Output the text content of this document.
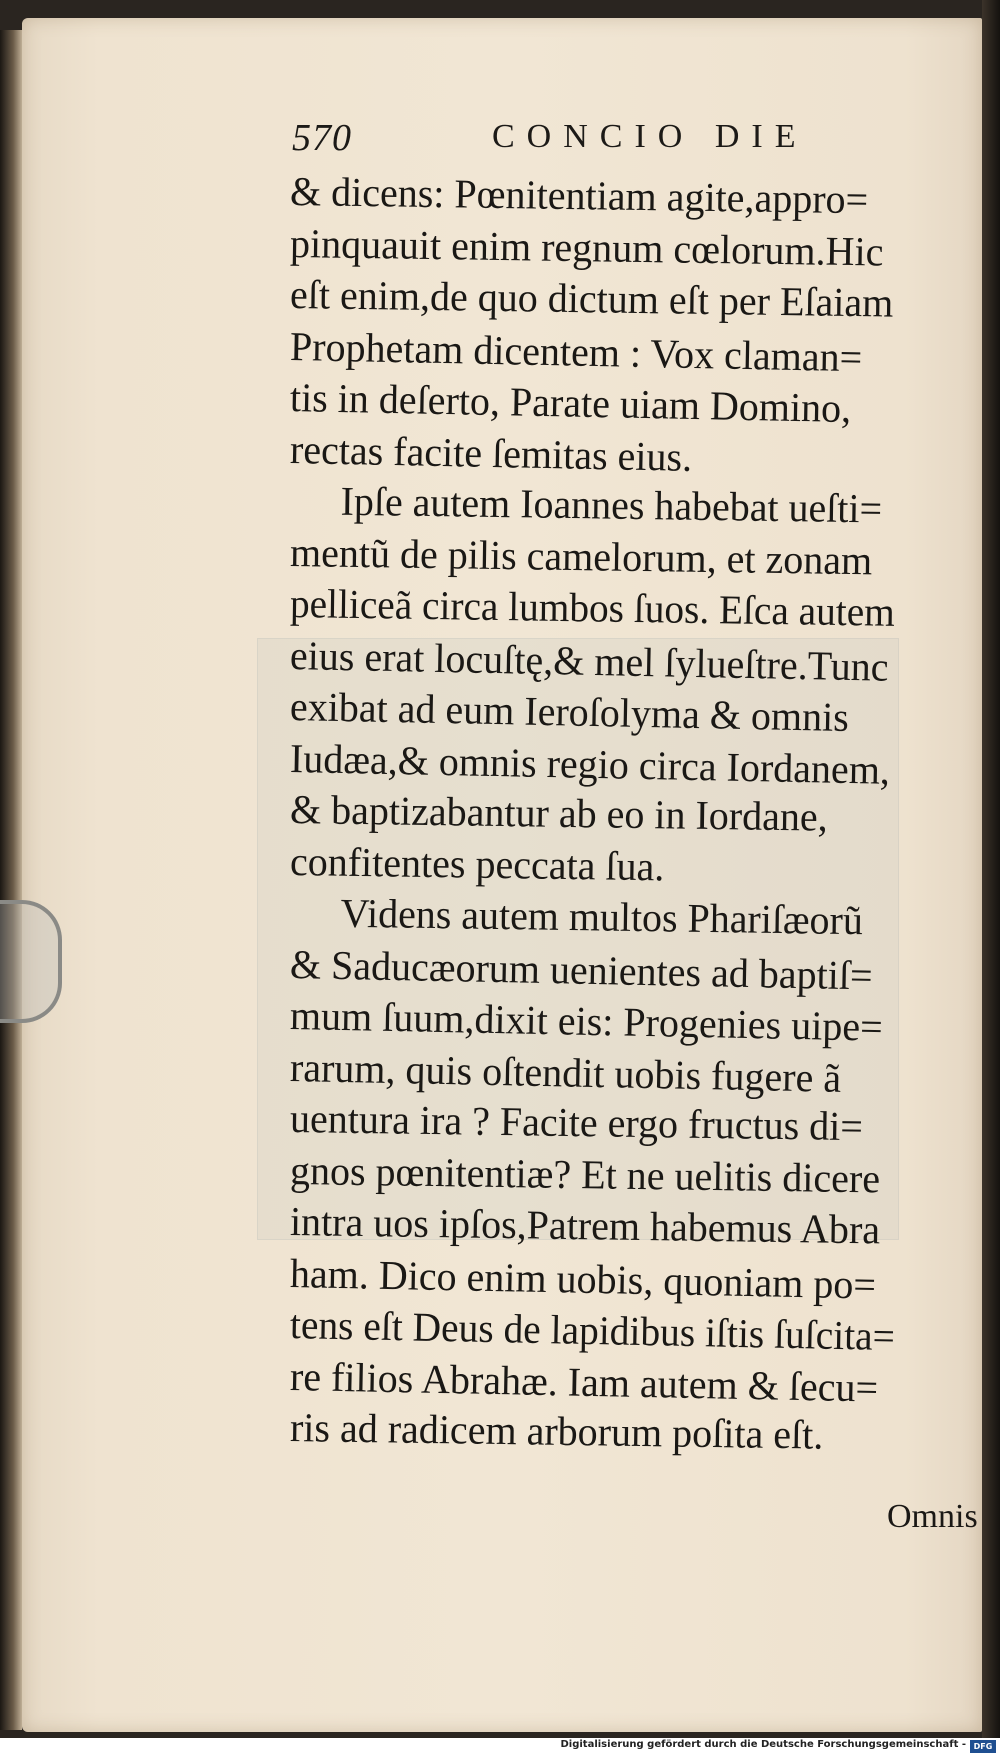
570	CONCIO DIE
& dicens: Pœnitentiam agite,appro=
pinquauit enim regnum cœlorum.Hic
eſt enim,de quo dictum eſt per Eſaiam
Prophetam dicentem : Vox claman=
tis in deſerto, Parate uiam Domino,
rectas facite ſemitas eius.
Ipſe autem Ioannes habebat ueſti=
mentũ de pilis camelorum, et zonam
pelliceã circa lumbos ſuos. Eſca autem
eius erat locuſtę,& mel ſylueſtre.Tunc
exibat ad eum Ieroſolyma & omnis
Iudæa,& omnis regio circa Iordanem,
& baptizabantur ab eo in Iordane,
confitentes peccata ſua.
Videns autem multos Phariſæorũ
& Saducæorum uenientes ad baptiſ=
mum ſuum,dixit eis: Progenies uipe=
rarum, quis oſtendit uobis fugere ã
uentura ira ? Facite ergo fructus di=
gnos pœnitentiæ? Et ne uelitis dicere
intra uos ipſos,Patrem habemus Abra
ham. Dico enim uobis, quoniam po=
tens eſt Deus de lapidibus iſtis ſuſcita=
re filios Abrahæ. Iam autem & ſecu=
ris ad radicem arborum poſita eſt.
Omnis
Digitalisierung gefördert durch die Deutsche Forschungsgemeinschaft - DFG
